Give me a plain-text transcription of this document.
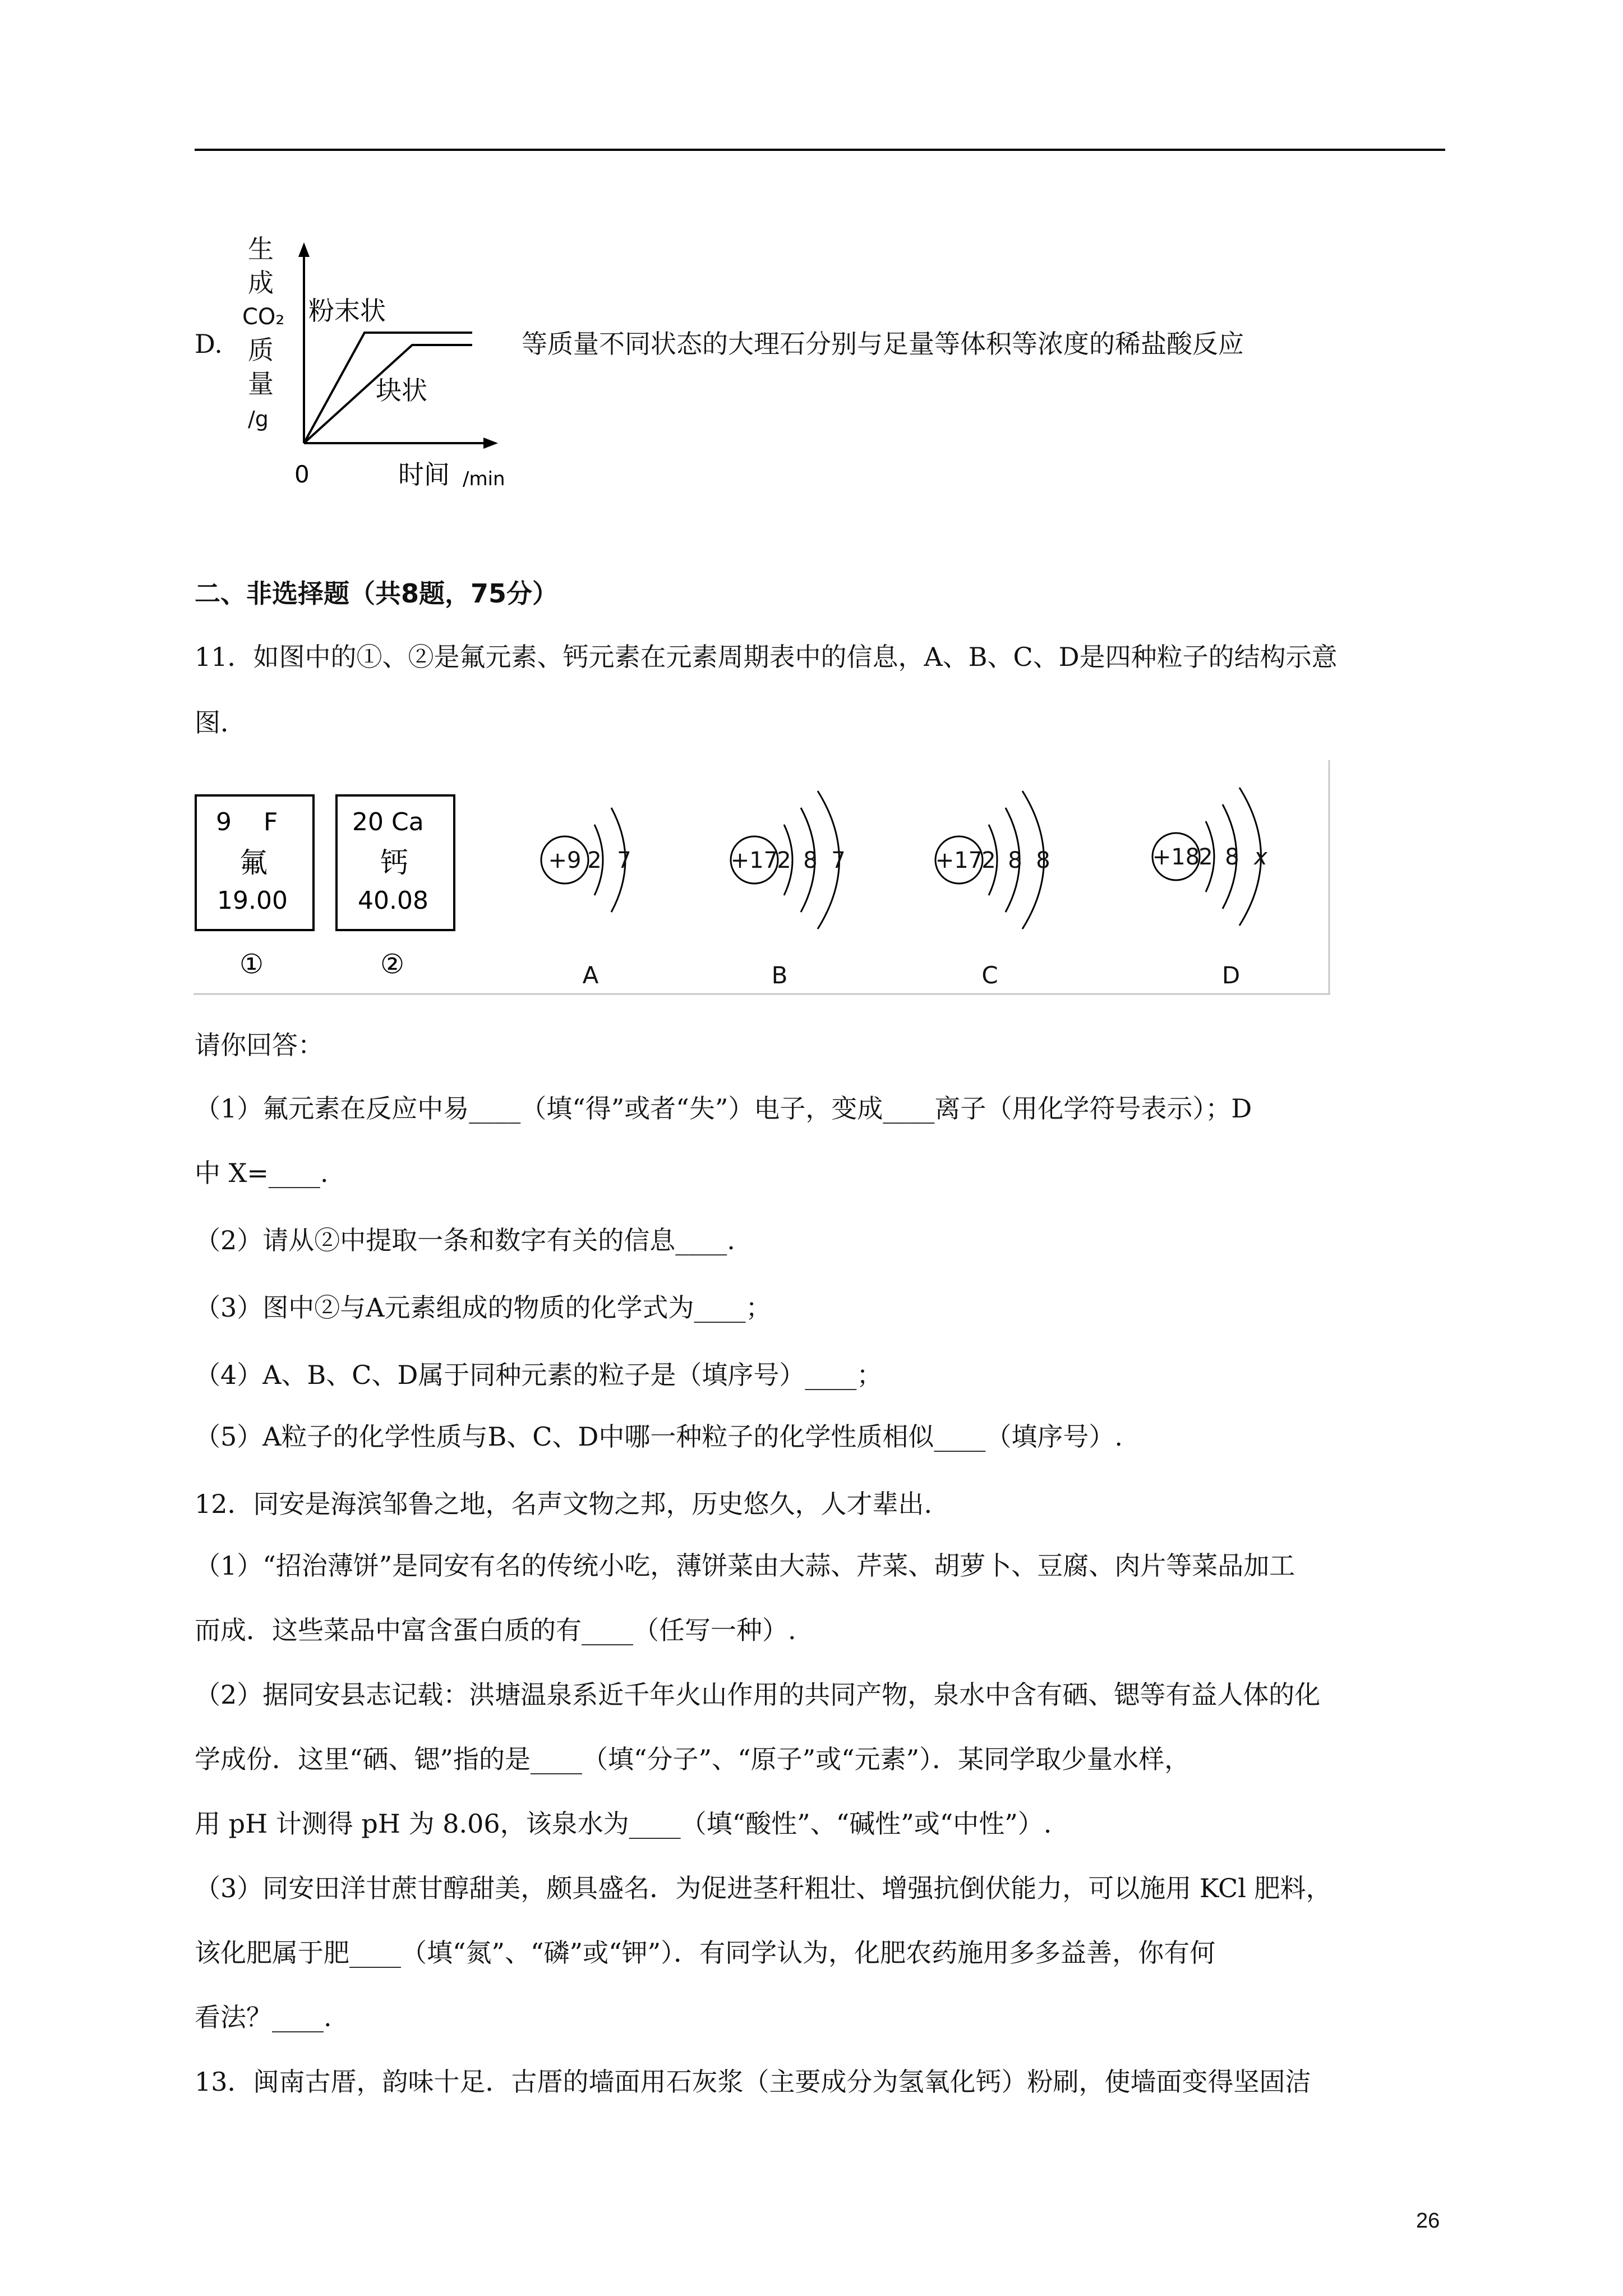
D.
生
成
CO₂
质
量
/g
粉末状
块状
0	时间 /min
等质量不同状态的大理石分别与足量等体积等浓度的稀盐酸反应
二、非选择题（共8题，75分）
11．如图中的①、②是氟元素、钙元素在元素周期表中的信息，A、B、C、D是四种粒子的结构示意
图．
9 F
氟
19.00
①
20 Ca
钙
40.08
②
+9 2 7
A
+17
2 8 7
B
+17
2 8 8
C
+18
2 8 x
D
请你回答：
（1）氟元素在反应中易____（填“得”或者“失”）电子，变成____离子（用化学符号表示）；D
中 X=____.
（2）请从②中提取一条和数字有关的信息____.
（3）图中②与A元素组成的物质的化学式为____；
（4）A、B、C、D属于同种元素的粒子是（填序号）____；
（5）A粒子的化学性质与B、C、D中哪一种粒子的化学性质相似____（填序号）.
12．同安是海滨邹鲁之地，名声文物之邦，历史悠久，人才辈出.
（1）“招治薄饼”是同安有名的传统小吃，薄饼菜由大蒜、芹菜、胡萝卜、豆腐、肉片等菜品加工
而成．这些菜品中富含蛋白质的有____（任写一种）.
（2）据同安县志记载：洪塘温泉系近千年火山作用的共同产物，泉水中含有硒、锶等有益人体的化
学成份．这里“硒、锶”指的是____（填“分子”、“原子”或“元素”）．某同学取少量水样，
用 pH 计测得 pH 为 8.06，该泉水为____（填“酸性”、“碱性”或“中性”）.
（3）同安田洋甘蔗甘醇甜美，颇具盛名．为促进茎秆粗壮、增强抗倒伏能力，可以施用 KCl 肥料，
该化肥属于肥____（填“氮”、“磷”或“钾”）．有同学认为，化肥农药施用多多益善，你有何
看法？____.
13．闽南古厝，韵味十足．古厝的墙面用石灰浆（主要成分为氢氧化钙）粉刷，使墙面变得坚固洁
26
